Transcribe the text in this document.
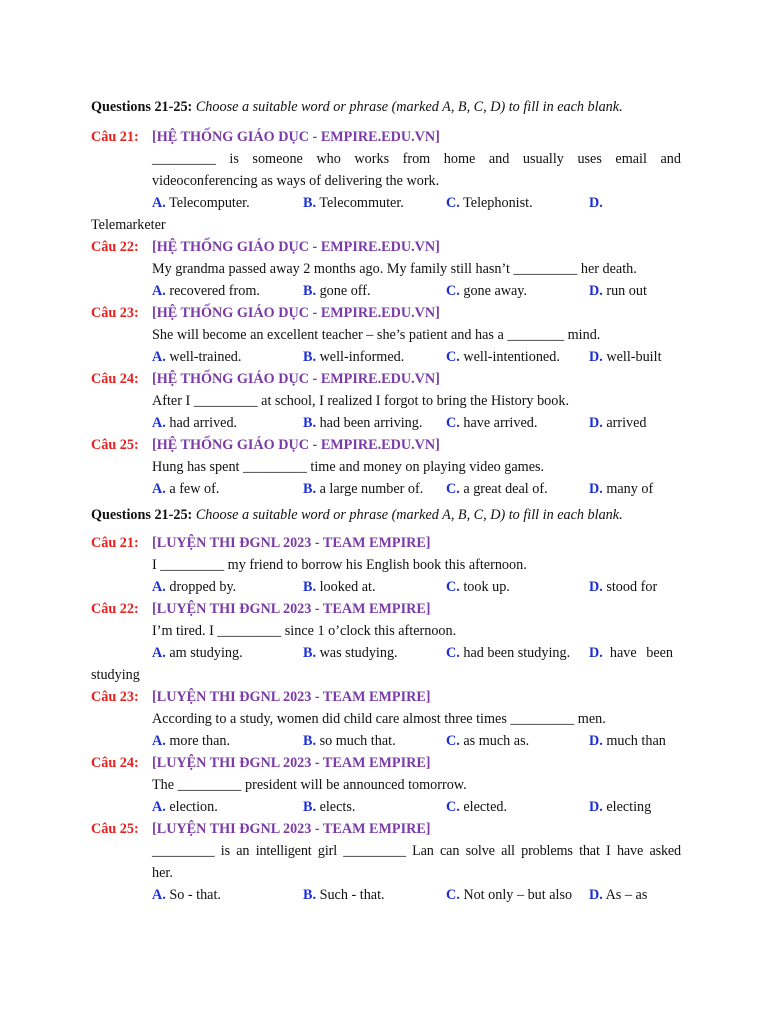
Questions 21-25: Choose a suitable word or phrase (marked A, B, C, D) to fill in each blank.

Câu 21: [HỆ THỐNG GIÁO DỤC - EMPIRE.EDU.VN]
_________ is someone who works from home and usually uses email and
videoconferencing as ways of delivering the work.
A. Telecomputer.	B. Telecommuter.	C. Telephonist.	D.
Telemarketer
Câu 22: [HỆ THỐNG GIÁO DỤC - EMPIRE.EDU.VN]
My grandma passed away 2 months ago. My family still hasn’t _________ her death.
A. recovered from.	B. gone off.	C. gone away.	D. run out
Câu 23: [HỆ THỐNG GIÁO DỤC - EMPIRE.EDU.VN]
She will become an excellent teacher – she’s patient and has a ________ mind.
A. well-trained.	B. well-informed.	C. well-intentioned.	D. well-built
Câu 24: [HỆ THỐNG GIÁO DỤC - EMPIRE.EDU.VN]
After I _________ at school, I realized I forgot to bring the History book.
A. had arrived.	B. had been arriving.	C. have arrived.	D. arrived
Câu 25: [HỆ THỐNG GIÁO DỤC - EMPIRE.EDU.VN]
Hung has spent _________ time and money on playing video games.
A. a few of.	B. a large number of.	C. a great deal of.	D. many of

Questions 21-25: Choose a suitable word or phrase (marked A, B, C, D) to fill in each blank.

Câu 21: [LUYỆN THI ĐGNL 2023 - TEAM EMPIRE]
I _________ my friend to borrow his English book this afternoon.
A. dropped by.	B. looked at.	C. took up.	D. stood for
Câu 22: [LUYỆN THI ĐGNL 2023 - TEAM EMPIRE]
I’m tired. I _________ since 1 o’clock this afternoon.
A. am studying.	B. was studying.	C. had been studying.	D. have been
studying
Câu 23: [LUYỆN THI ĐGNL 2023 - TEAM EMPIRE]
According to a study, women did child care almost three times _________ men.
A. more than.	B. so much that.	C. as much as.	D. much than
Câu 24: [LUYỆN THI ĐGNL 2023 - TEAM EMPIRE]
The _________ president will be announced tomorrow.
A. election.	B. elects.	C. elected.	D. electing
Câu 25: [LUYỆN THI ĐGNL 2023 - TEAM EMPIRE]
_________ is an intelligent girl _________ Lan can solve all problems that I have asked
her.
A. So - that.	B. Such - that.	C. Not only – but also	D. As – as
